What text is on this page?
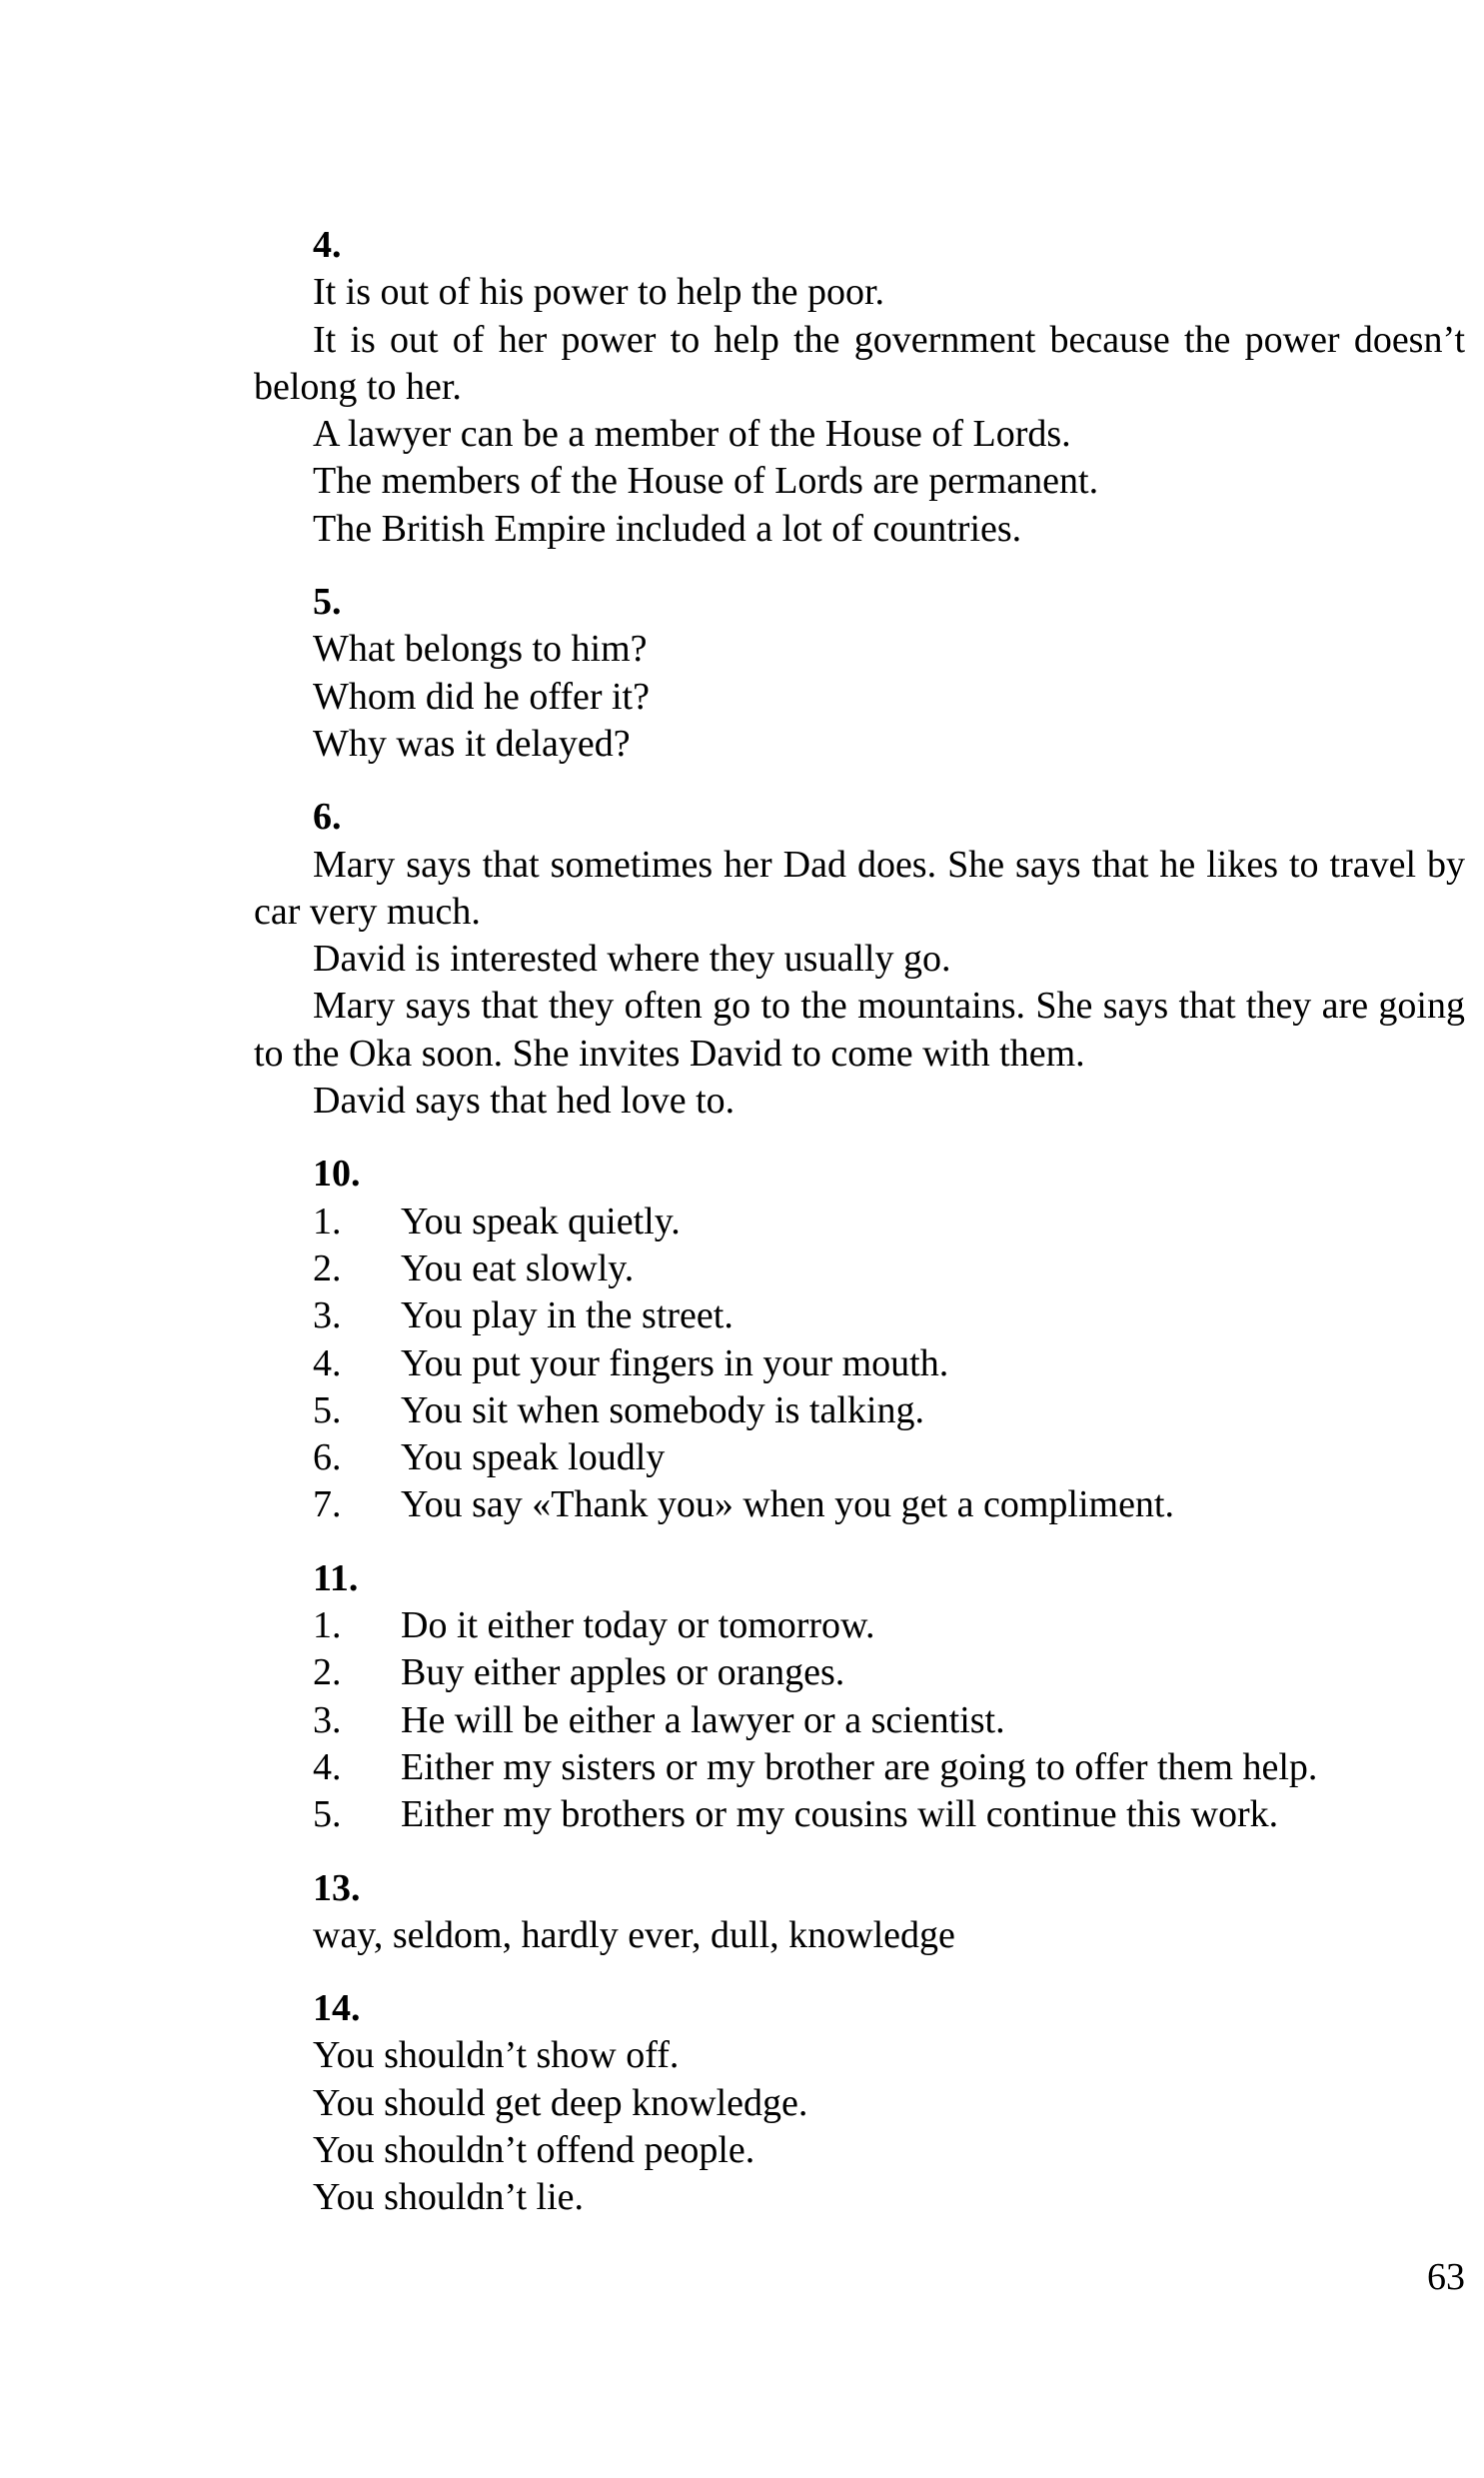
4.

It is out of his power to help the poor.

It is out of her power to help the government because the power doesn’t belong to her.

A lawyer can be a member of the House of Lords.

The members of the House of Lords are permanent.

The British Empire included a lot of countries.

5.

What belongs to him?

Whom did he offer it?

Why was it delayed?

6.

Mary says that sometimes her Dad does. She says that he likes to travel by car very much.

David is interested where they usually go.

Mary says that they often go to the mountains. She says that they are going to the Oka soon. She invites David to come with them.

David says that hed love to.

10.
1.	You speak quietly.
2.	You eat slowly.
3.	You play in the street.
4.	You put your fingers in your mouth.
5.	You sit when somebody is talking.
6.	You speak loudly
7.	You say «Thank you» when you get a compliment.
11.
1.	Do it either today or tomorrow.
2.	Buy either apples or oranges.
3.	He will be either a lawyer or a scientist.
4.	Either my sisters or my brother are going to offer them help.
5.	Either my brothers or my cousins will continue this work.
13.

way, seldom, hardly ever, dull, knowledge

14.

You shouldn’t show off.

You should get deep knowledge.

You shouldn’t offend people.

You shouldn’t lie.

63
